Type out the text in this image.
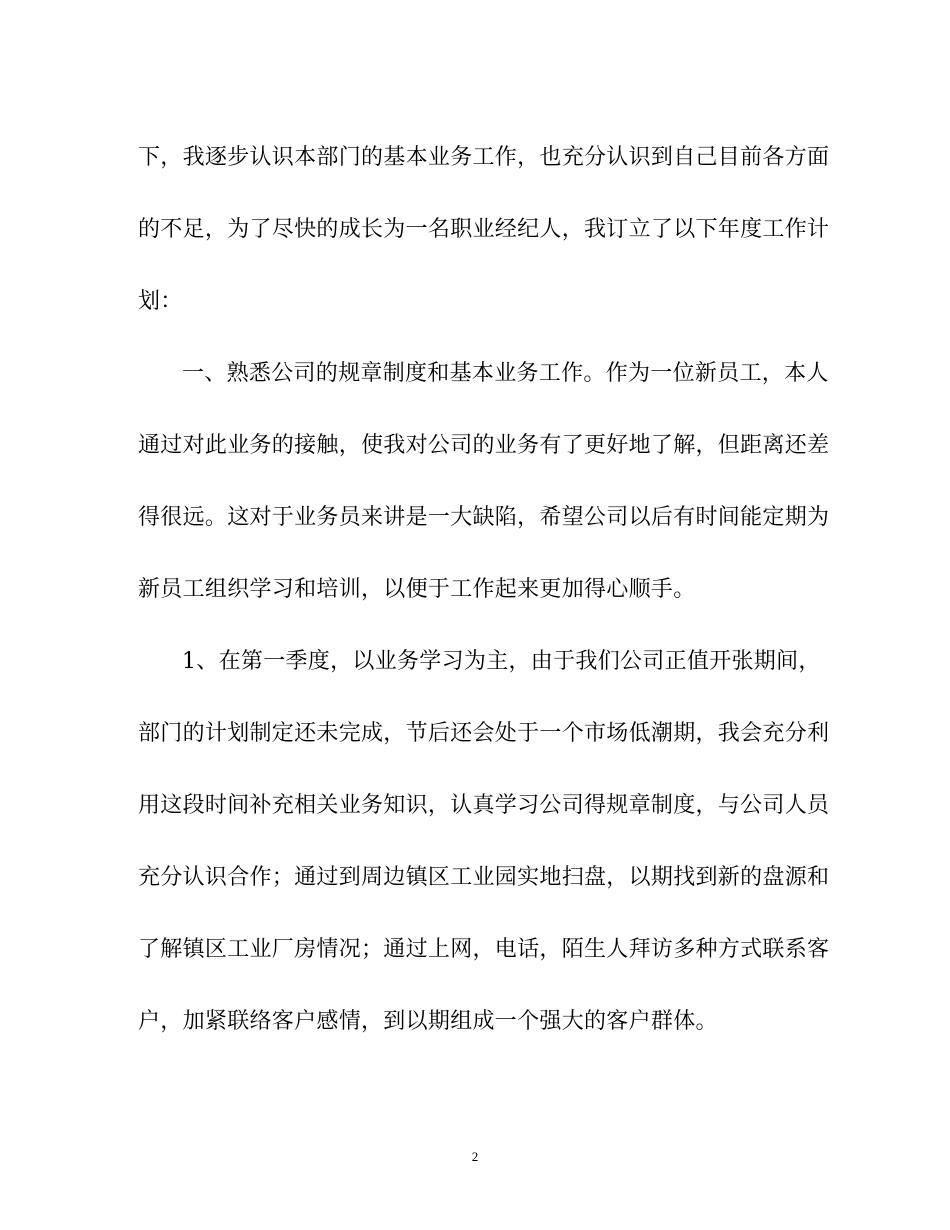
下，我逐步认识本部门的基本业务工作，也充分认识到自己目前各方面
的不足，为了尽快的成长为一名职业经纪人，我订立了以下年度工作计
划：
一、熟悉公司的规章制度和基本业务工作。作为一位新员工，本人
通过对此业务的接触，使我对公司的业务有了更好地了解，但距离还差
得很远。这对于业务员来讲是一大缺陷，希望公司以后有时间能定期为
新员工组织学习和培训，以便于工作起来更加得心顺手。
1、在第一季度，以业务学习为主，由于我们公司正值开张期间，
部门的计划制定还未完成，节后还会处于一个市场低潮期，我会充分利
用这段时间补充相关业务知识，认真学习公司得规章制度，与公司人员
充分认识合作；通过到周边镇区工业园实地扫盘，以期找到新的盘源和
了解镇区工业厂房情况；通过上网，电话，陌生人拜访多种方式联系客
户，加紧联络客户感情，到以期组成一个强大的客户群体。
2
